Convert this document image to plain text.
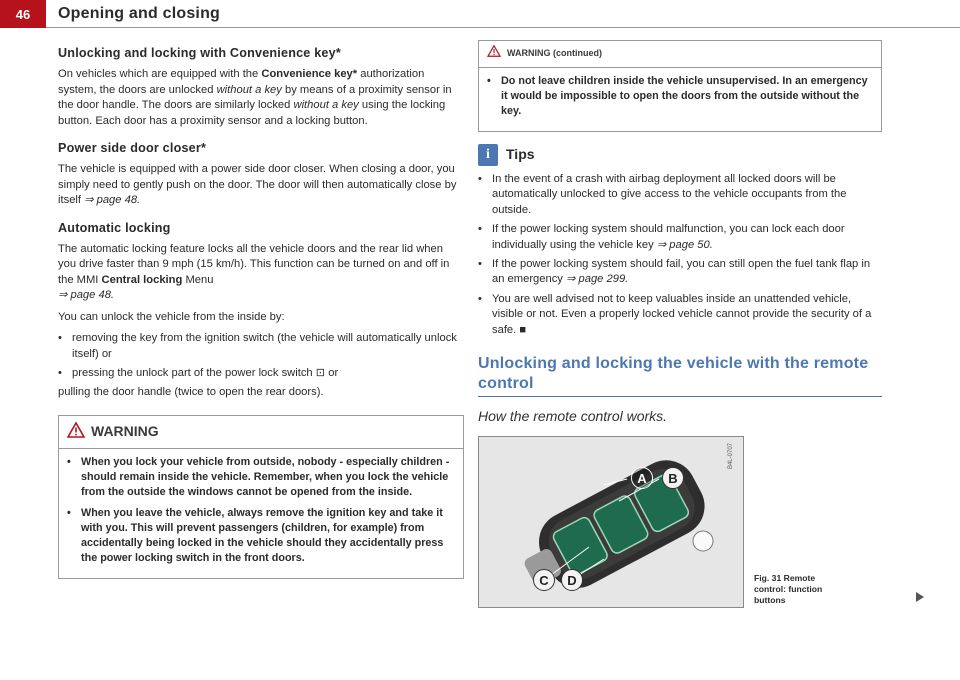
46	Opening and closing
Unlocking and locking with Convenience key*

On vehicles which are equipped with the Convenience key* authorization system, the doors are unlocked without a key by means of a proximity sensor in the door handle. The doors are similarly locked without a key using the locking button. Each door has a proximity sensor and a locking button.

Power side door closer*

The vehicle is equipped with a power side door closer. When closing a door, you simply need to gently push on the door. The door will then automatically close by itself ⇒ page 48.

Automatic locking

The automatic locking feature locks all the vehicle doors and the rear lid when you drive faster than 9 mph (15 km/h). This function can be turned on and off in the MMI Central locking Menu
⇒ page 48.

You can unlock the vehicle from the inside by:

• removing the key from the ignition switch (the vehicle will automatically unlock itself) or
• pressing the unlock part of the power lock switch ⊡ or

pulling the door handle (twice to open the rear doors).

WARNING
• When you lock your vehicle from outside, nobody - especially children - should remain inside the vehicle. Remember, when you lock the vehicle from the outside the windows cannot be opened from the inside.
• When you leave the vehicle, always remove the ignition key and take it with you. This will prevent passengers (children, for example) from accidentally being locked in the vehicle should they accidentally press the power locking switch in the front doors.
WARNING (continued)
• Do not leave children inside the vehicle unsupervised. In an emergency it would be impossible to open the doors from the outside without the key.
i	Tips
• In the event of a crash with airbag deployment all locked doors will be automatically unlocked to give access to the vehicle occupants from the outside.
• If the power locking system should malfunction, you can lock each door individually using the vehicle key ⇒ page 50.
• If the power locking system should fail, you can still open the fuel tank flap in an emergency ⇒ page 299.
• You are well advised not to keep valuables inside an unattended vehicle, visible or not. Even a properly locked vehicle cannot provide the security of a safe. ■
Unlocking and locking the vehicle with the remote control
How the remote control works.
A B
C D
B4L-0707
Fig. 31 Remote control: function buttons
